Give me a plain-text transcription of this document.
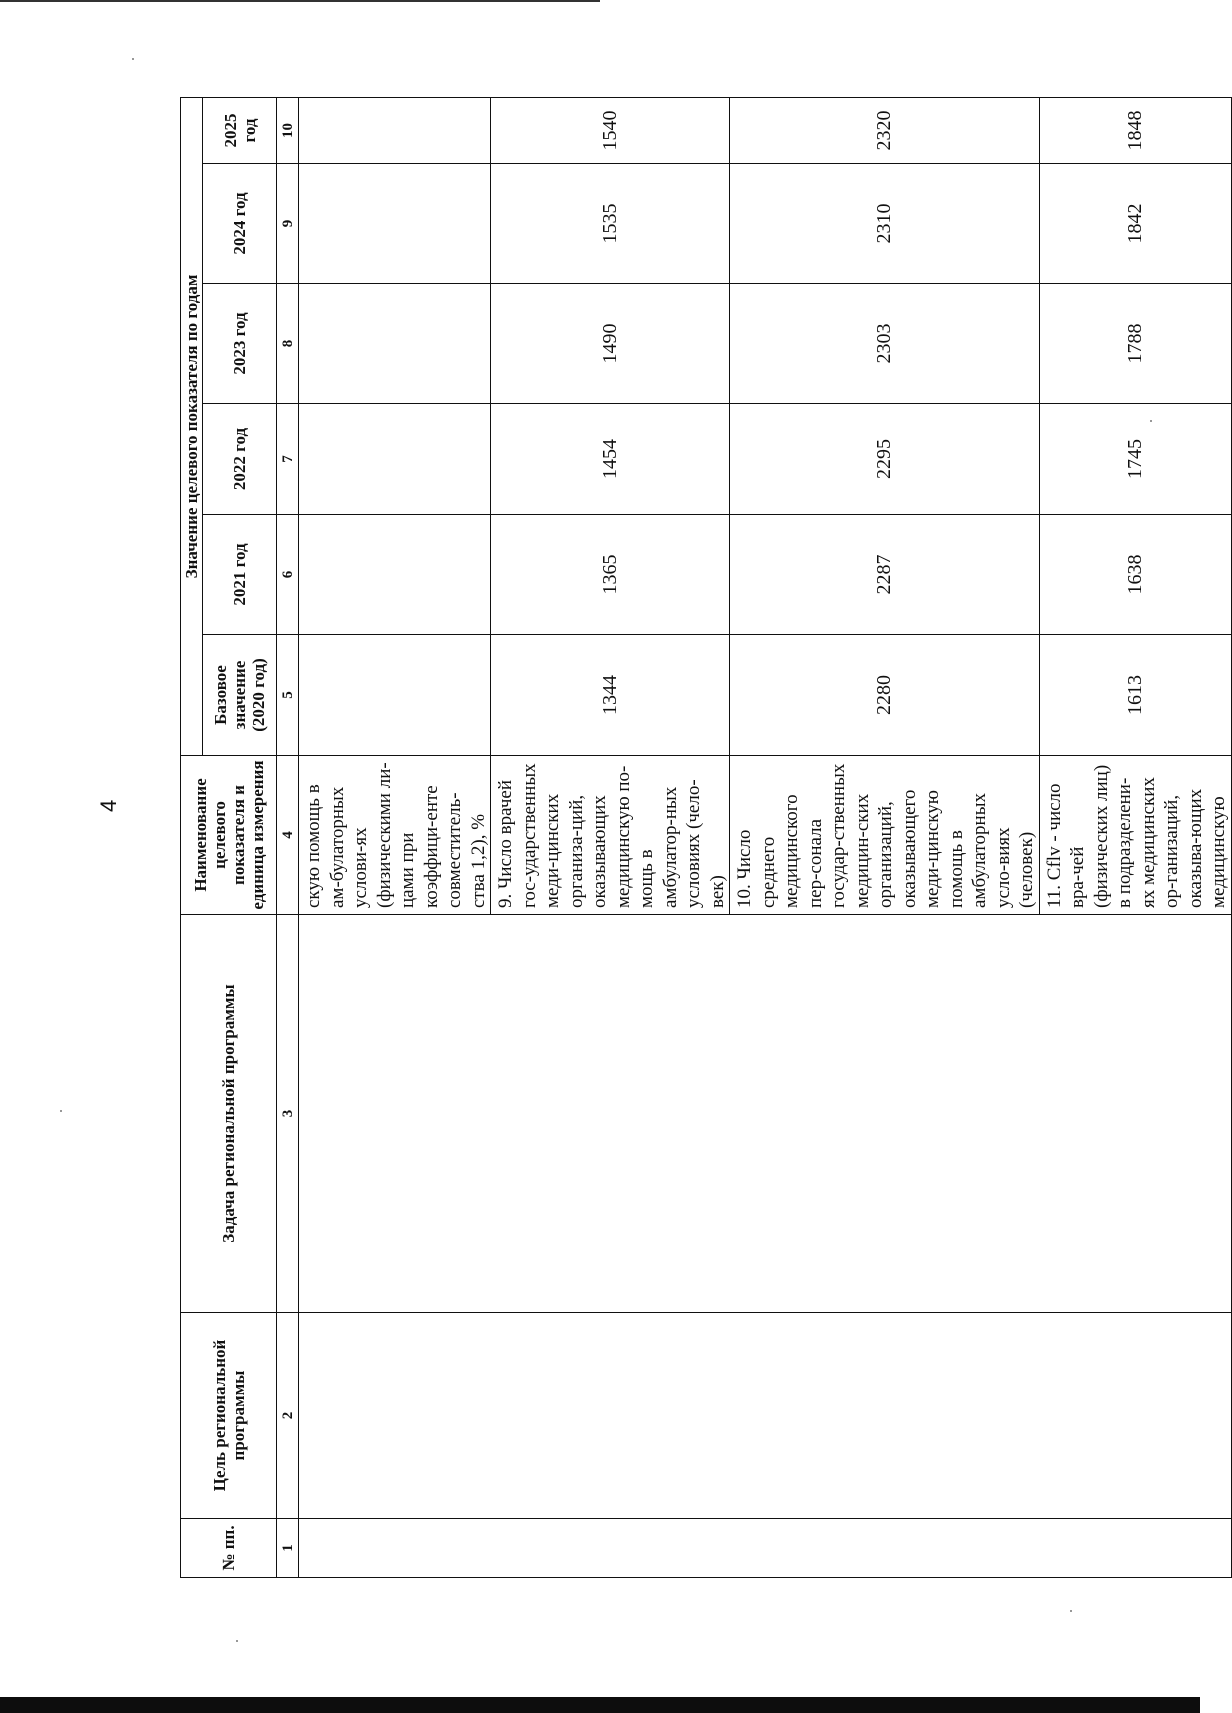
4
№ пп.	Цель региональной программы	Задача региональной программы	Наименование целевого показателя и единица измерения	Значение целевого показателя по годам					
				Базовое значение (2020 год)	2021 год	2022 год	2023 год	2024 год	2025 год
1	2	3	4	5	6	7	8	9	10
			скую помощь в ам-булаторных услови-ях (физическими ли-цами при коэффици-енте совместитель-ства 1,2), %						
			9. Число врачей гос-ударственных меди-цинских организа-ций, оказывающих медицинскую по-мощь в амбулатор-ных условиях (чело-век)	1344	1365	1454	1490	1535	1540
			10. Число среднего медицинского пер-сонала государ-ственных медицин-ских организаций, оказывающего меди-цинскую помощь в амбулаторных усло-виях (человек)	2280	2287	2295	2303	2310	2320
			11. Сflv - число вра-чей (физических лиц) в подразделени-ях медицинских ор-ганизаций, оказыва-ющих медицинскую	1613	1638	1745	1788	1842	1848
